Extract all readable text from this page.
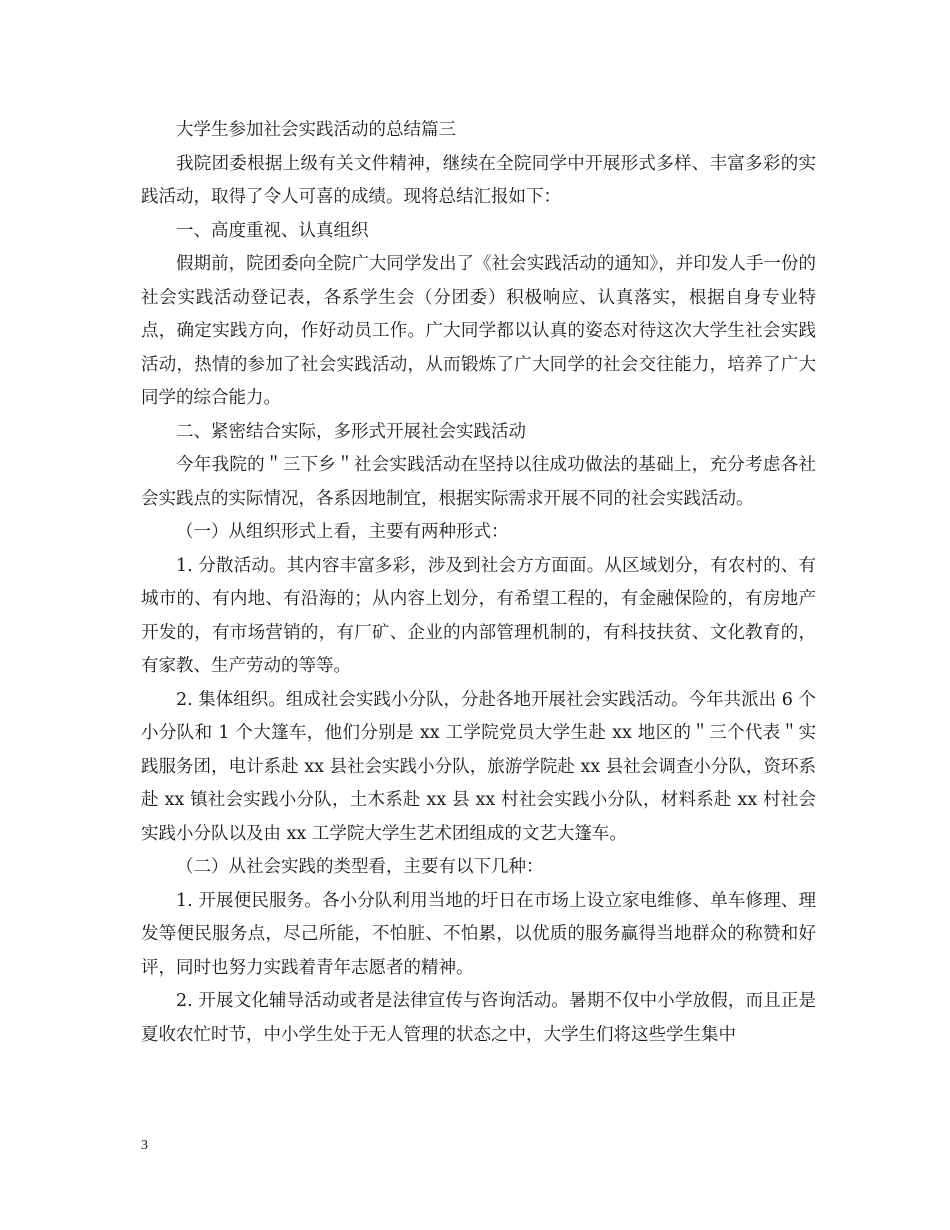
大学生参加社会实践活动的总结篇三

我院团委根据上级有关文件精神，继续在全院同学中开展形式多样、丰富多彩的实践活动，取得了令人可喜的成绩。现将总结汇报如下：

一、高度重视、认真组织

假期前，院团委向全院广大同学发出了《社会实践活动的通知》，并印发人手一份的社会实践活动登记表，各系学生会（分团委）积极响应、认真落实，根据自身专业特点，确定实践方向，作好动员工作。广大同学都以认真的姿态对待这次大学生社会实践活动，热情的参加了社会实践活动，从而锻炼了广大同学的社会交往能力，培养了广大同学的综合能力。

二、紧密结合实际，多形式开展社会实践活动

今年我院的＂三下乡＂社会实践活动在坚持以往成功做法的基础上，充分考虑各社会实践点的实际情况，各系因地制宜，根据实际需求开展不同的社会实践活动。

（一）从组织形式上看，主要有两种形式：

1. 分散活动。其内容丰富多彩，涉及到社会方方面面。从区域划分，有农村的、有城市的、有内地、有沿海的；从内容上划分，有希望工程的，有金融保险的，有房地产开发的，有市场营销的，有厂矿、企业的内部管理机制的，有科技扶贫、文化教育的，有家教、生产劳动的等等。

2. 集体组织。组成社会实践小分队，分赴各地开展社会实践活动。今年共派出 6 个小分队和 1 个大篷车，他们分别是 xx 工学院党员大学生赴 xx 地区的＂三个代表＂实践服务团，电计系赴 xx 县社会实践小分队，旅游学院赴 xx 县社会调查小分队，资环系赴 xx 镇社会实践小分队，土木系赴 xx 县 xx 村社会实践小分队，材料系赴 xx 村社会实践小分队以及由 xx 工学院大学生艺术团组成的文艺大篷车。

（二）从社会实践的类型看，主要有以下几种：

1. 开展便民服务。各小分队利用当地的圩日在市场上设立家电维修、单车修理、理发等便民服务点，尽己所能，不怕脏、不怕累，以优质的服务赢得当地群众的称赞和好评，同时也努力实践着青年志愿者的精神。

2. 开展文化辅导活动或者是法律宣传与咨询活动。暑期不仅中小学放假，而且正是夏收农忙时节，中小学生处于无人管理的状态之中，大学生们将这些学生集中

3
